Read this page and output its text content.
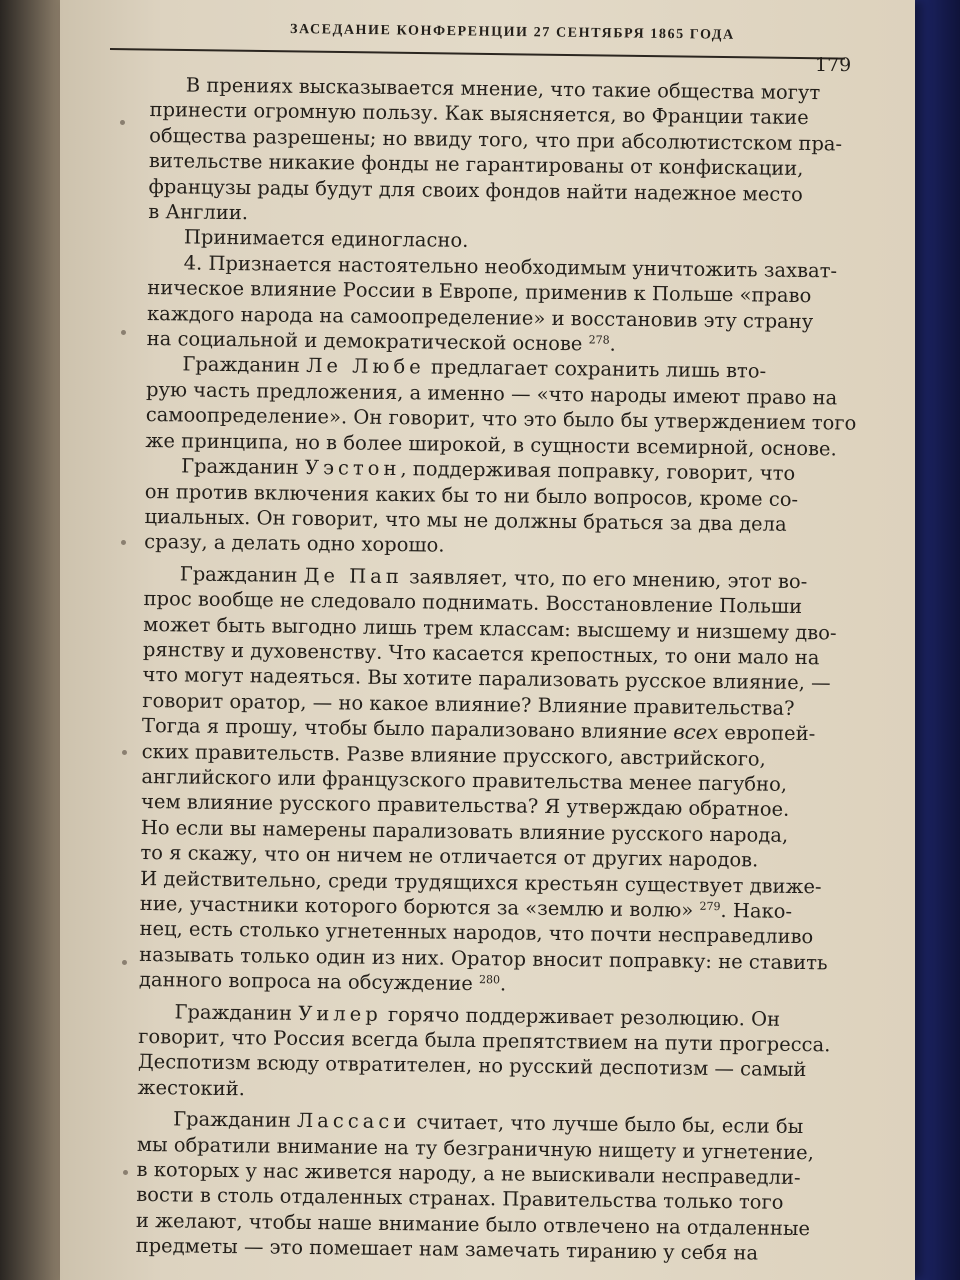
ЗАСЕДАНИЕ КОНФЕРЕНЦИИ 27 СЕНТЯБРЯ 1865 ГОДА
179
В прениях высказывается мнение, что такие общества могут
принести огромную пользу. Как выясняется, во Франции такие
общества разрешены; но ввиду того, что при абсолютистском пра-
вительстве никакие фонды не гарантированы от конфискации,
французы рады будут для своих фондов найти надежное место
в Англии.
Принимается единогласно.
4. Признается настоятельно необходимым уничтожить захват-
ническое влияние России в Европе, применив к Польше «право
каждого народа на самоопределение» и восстановив эту страну
на социальной и демократической основе $^{278}$.
Гражданин Ле Любе предлагает сохранить лишь вто-
рую часть предложения, а именно — «что народы имеют право на
самоопределение». Он говорит, что это было бы утверждением того
же принципа, но в более широкой, в сущности всемирной, основе.
Гражданин Уэстон, поддерживая поправку, говорит, что
он против включения каких бы то ни было вопросов, кроме со-
циальных. Он говорит, что мы не должны браться за два дела
сразу, а делать одно хорошо.
Гражданин Де Пап заявляет, что, по его мнению, этот во-
прос вообще не следовало поднимать. Восстановление Польши
может быть выгодно лишь трем классам: высшему и низшему дво-
рянству и духовенству. Что касается крепостных, то они мало на
что могут надеяться. Вы хотите парализовать русское влияние, —
говорит оратор, — но какое влияние? Влияние правительства?
Тогда я прошу, чтобы было парализовано влияние всех европей-
ских правительств. Разве влияние прусского, австрийского,
английского или французского правительства менее пагубно,
чем влияние русского правительства? Я утверждаю обратное.
Но если вы намерены парализовать влияние русского народа,
то я скажу, что он ничем не отличается от других народов.
И действительно, среди трудящихся крестьян существует движе-
ние, участники которого борются за «землю и волю» $^{279}$. Нако-
нец, есть столько угнетенных народов, что почти несправедливо
называть только один из них. Оратор вносит поправку: не ставить
данного вопроса на обсуждение $^{280}$.
Гражданин Уилер горячо поддерживает резолюцию. Он
говорит, что Россия всегда была препятствием на пути прогресса.
Деспотизм всюду отвратителен, но русский деспотизм — самый
жестокий.
Гражданин Лассаси считает, что лучше было бы, если бы
мы обратили внимание на ту безграничную нищету и угнетение,
в которых у нас живется народу, а не выискивали несправедли-
вости в столь отдаленных странах. Правительства только того
и желают, чтобы наше внимание было отвлечено на отдаленные
предметы — это помешает нам замечать тиранию у себя на
